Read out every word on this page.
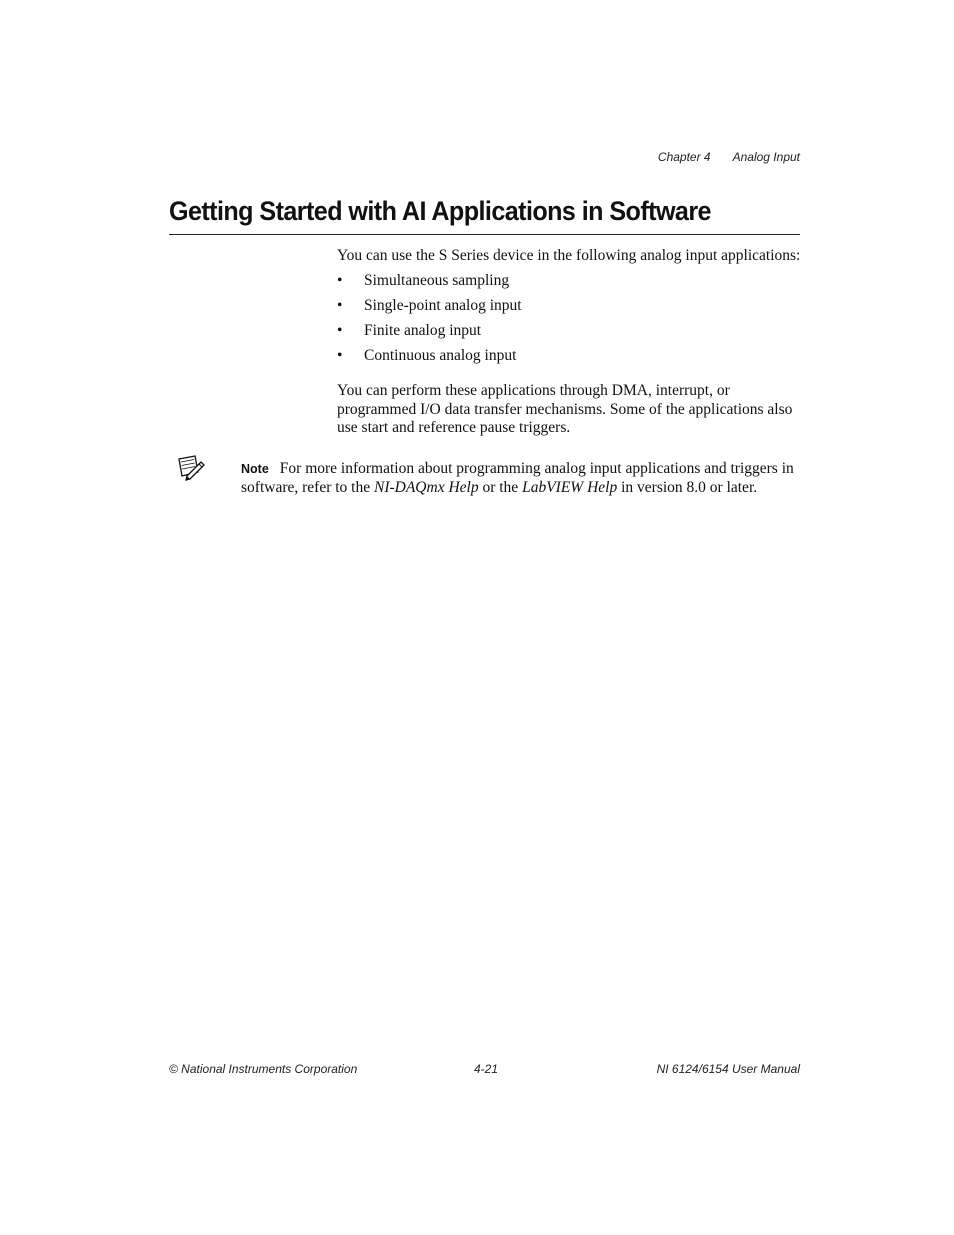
Chapter 4 Analog Input
Getting Started with AI Applications in Software

You can use the S Series device in the following analog input applications:

• Simultaneous sampling
• Single-point analog input
• Finite analog input
• Continuous analog input

You can perform these applications through DMA, interrupt, or programmed I/O data transfer mechanisms. Some of the applications also use start and reference pause triggers.

Note For more information about programming analog input applications and triggers in software, refer to the NI-DAQmx Help or the LabVIEW Help in version 8.0 or later.

© National Instruments Corporation	4-21	NI 6124/6154 User Manual
